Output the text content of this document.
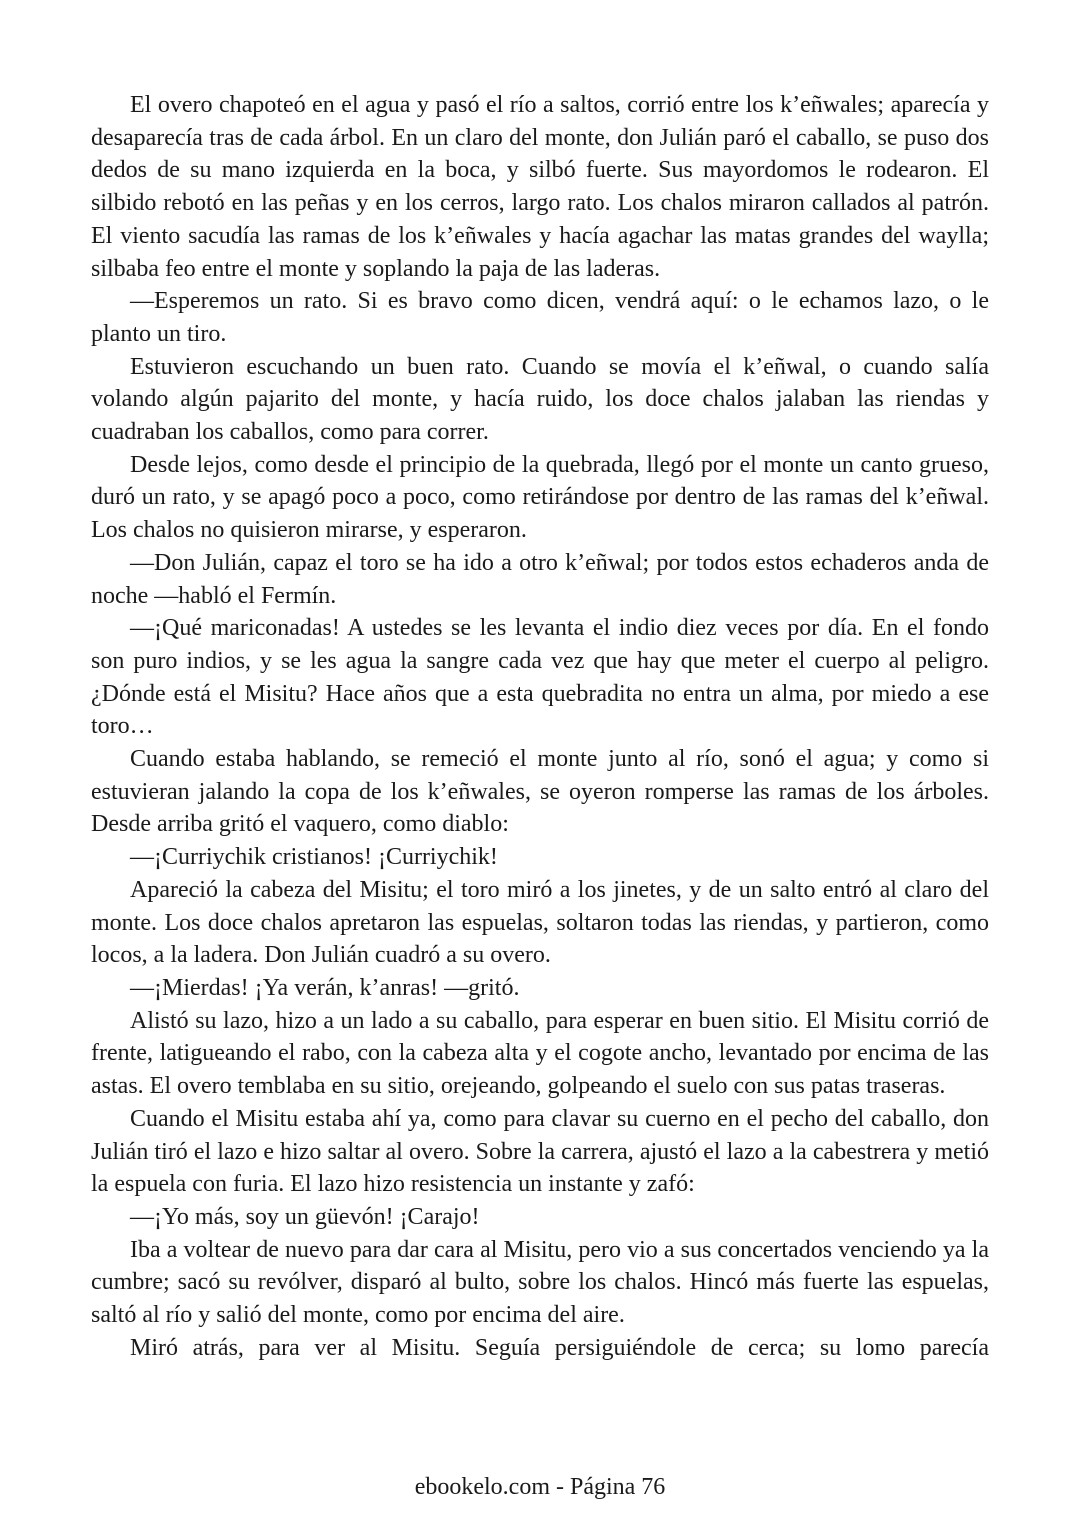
El overo chapoteó en el agua y pasó el río a saltos, corrió entre los k’eñwales; aparecía y desaparecía tras de cada árbol. En un claro del monte, don Julián paró el caballo, se puso dos dedos de su mano izquierda en la boca, y silbó fuerte. Sus mayordomos le rodearon. El silbido rebotó en las peñas y en los cerros, largo rato. Los chalos miraron callados al patrón. El viento sacudía las ramas de los k’eñwales y hacía agachar las matas grandes del waylla; silbaba feo entre el monte y soplando la paja de las laderas.

—Esperemos un rato. Si es bravo como dicen, vendrá aquí: o le echamos lazo, o le planto un tiro.

Estuvieron escuchando un buen rato. Cuando se movía el k’eñwal, o cuando salía volando algún pajarito del monte, y hacía ruido, los doce chalos jalaban las riendas y cuadraban los caballos, como para correr.

Desde lejos, como desde el principio de la quebrada, llegó por el monte un canto grueso, duró un rato, y se apagó poco a poco, como retirándose por dentro de las ramas del k’eñwal. Los chalos no quisieron mirarse, y esperaron.

—Don Julián, capaz el toro se ha ido a otro k’eñwal; por todos estos echaderos anda de noche —habló el Fermín.

—¡Qué mariconadas! A ustedes se les levanta el indio diez veces por día. En el fondo son puro indios, y se les agua la sangre cada vez que hay que meter el cuerpo al peligro. ¿Dónde está el Misitu? Hace años que a esta quebradita no entra un alma, por miedo a ese toro…

Cuando estaba hablando, se remeció el monte junto al río, sonó el agua; y como si estuvieran jalando la copa de los k’eñwales, se oyeron romperse las ramas de los árboles. Desde arriba gritó el vaquero, como diablo:

—¡Curriychik cristianos! ¡Curriychik!

Apareció la cabeza del Misitu; el toro miró a los jinetes, y de un salto entró al claro del monte. Los doce chalos apretaron las espuelas, soltaron todas las riendas, y partieron, como locos, a la ladera. Don Julián cuadró a su overo.

—¡Mierdas! ¡Ya verán, k’anras! —gritó.

Alistó su lazo, hizo a un lado a su caballo, para esperar en buen sitio. El Misitu corrió de frente, latigueando el rabo, con la cabeza alta y el cogote ancho, levantado por encima de las astas. El overo temblaba en su sitio, orejeando, golpeando el suelo con sus patas traseras.

Cuando el Misitu estaba ahí ya, como para clavar su cuerno en el pecho del caballo, don Julián tiró el lazo e hizo saltar al overo. Sobre la carrera, ajustó el lazo a la cabestrera y metió la espuela con furia. El lazo hizo resistencia un instante y zafó:

—¡Yo más, soy un güevón! ¡Carajo!

Iba a voltear de nuevo para dar cara al Misitu, pero vio a sus concertados venciendo ya la cumbre; sacó su revólver, disparó al bulto, sobre los chalos. Hincó más fuerte las espuelas, saltó al río y salió del monte, como por encima del aire.

Miró atrás, para ver al Misitu. Seguía persiguiéndole de cerca; su lomo parecía

ebookelo.com - Página 76
